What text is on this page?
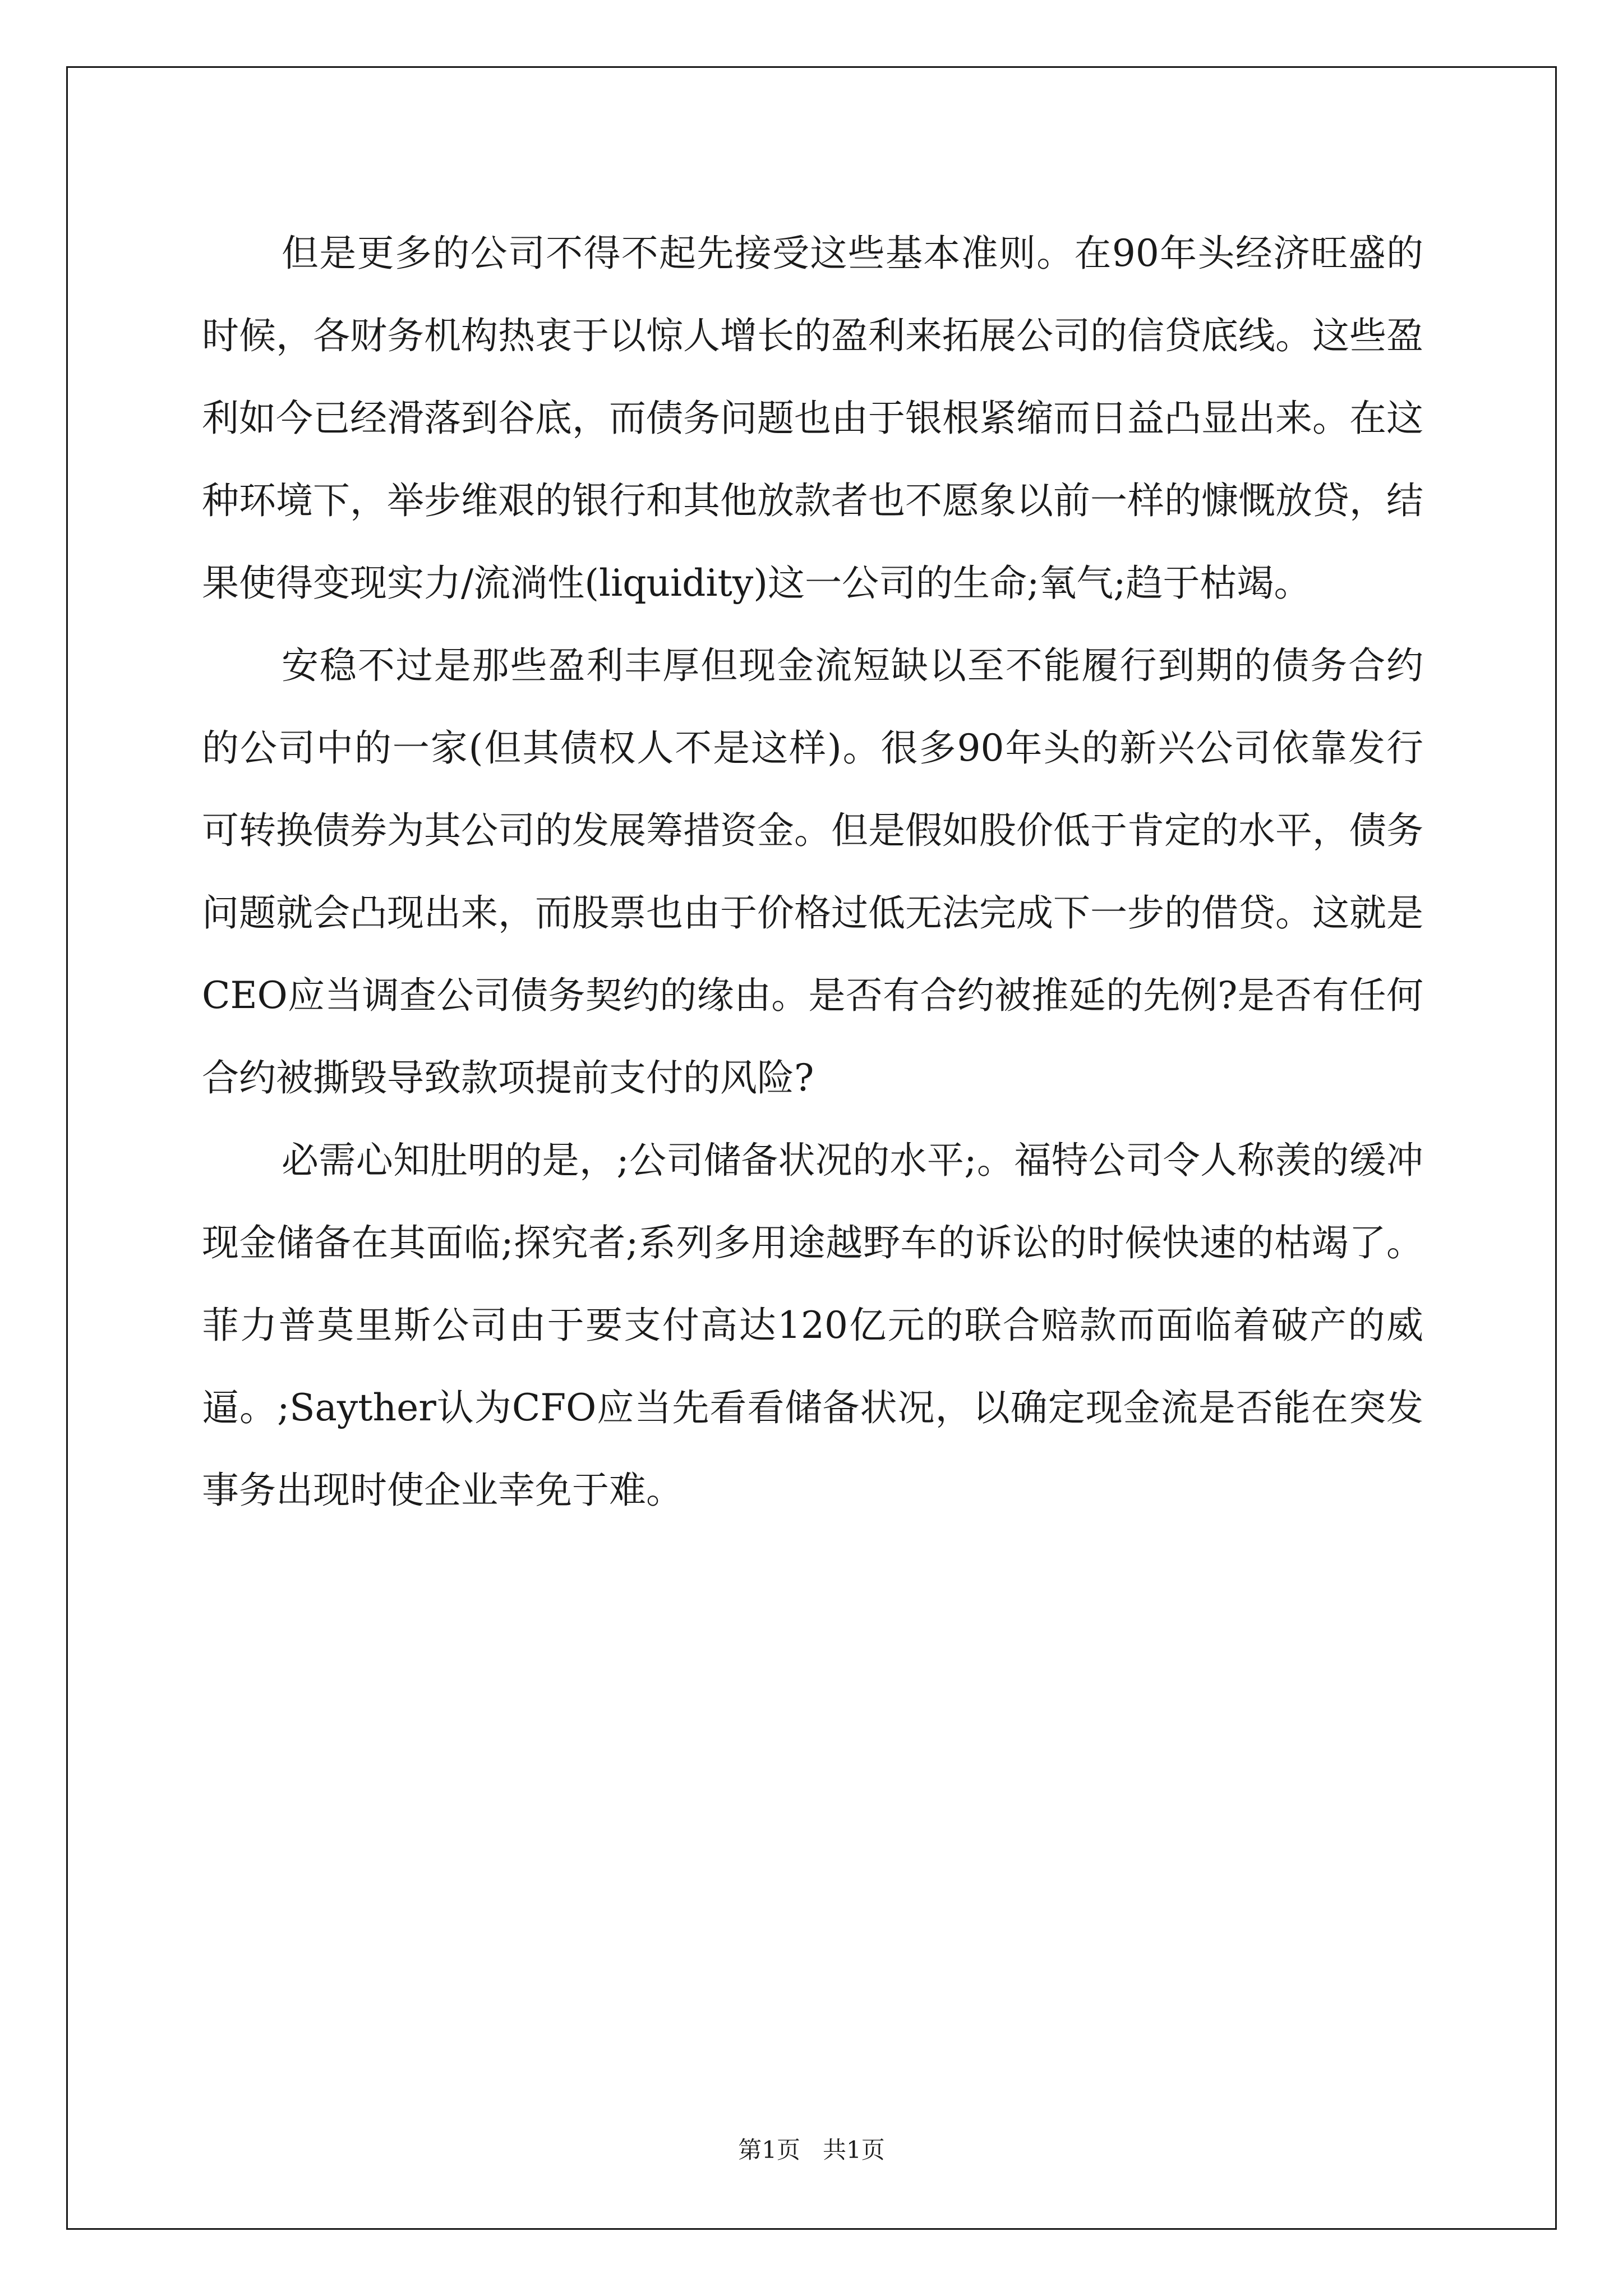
但是更多的公司不得不起先接受这些基本准则。在90年头经济旺盛的时候，各财务机构热衷于以惊人增长的盈利来拓展公司的信贷底线。这些盈利如今已经滑落到谷底，而债务问题也由于银根紧缩而日益凸显出来。在这种环境下，举步维艰的银行和其他放款者也不愿象以前一样的慷慨放贷，结果使得变现实力/流淌性(liquidity)这一公司的生命;氧气;趋于枯竭。

安稳不过是那些盈利丰厚但现金流短缺以至不能履行到期的债务合约的公司中的一家(但其债权人不是这样)。很多90年头的新兴公司依靠发行可转换债券为其公司的发展筹措资金。但是假如股价低于肯定的水平，债务问题就会凸现出来，而股票也由于价格过低无法完成下一步的借贷。这就是CEO应当调查公司债务契约的缘由。是否有合约被推延的先例?是否有任何合约被撕毁导致款项提前支付的风险?

必需心知肚明的是，;公司储备状况的水平;。福特公司令人称羡的缓冲现金储备在其面临;探究者;系列多用途越野车的诉讼的时候快速的枯竭了。菲力普莫里斯公司由于要支付高达120亿元的联合赔款而面临着破产的威逼。;Sayther认为CFO应当先看看储备状况，以确定现金流是否能在突发事务出现时使企业幸免于难。

第1页   共1页
